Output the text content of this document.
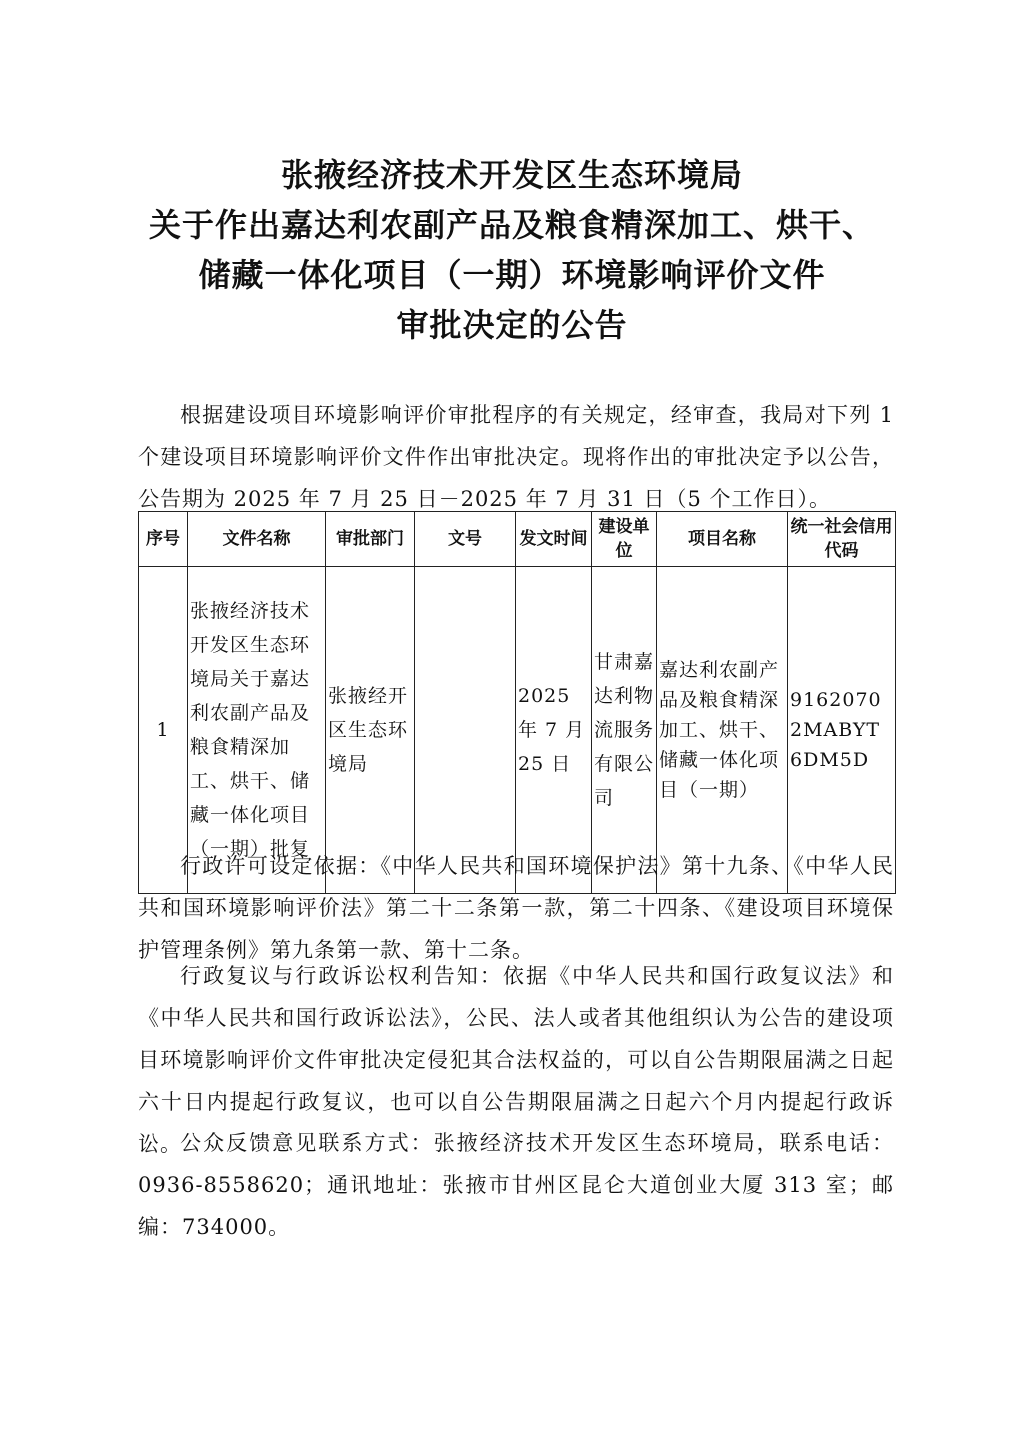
张掖经济技术开发区生态环境局
关于作出嘉达利农副产品及粮食精深加工、烘干、
储藏一体化项目（一期）环境影响评价文件
审批决定的公告

根据建设项目环境影响评价审批程序的有关规定，经审查，我局对下列 1 个建设项目环境影响评价文件作出审批决定。现将作出的审批决定予以公告，公告期为 2025 年 7 月 25 日－2025 年 7 月 31 日（5 个工作日）。

序号	文件名称	审批部门	文号	发文时间	建设单位	项目名称	统一社会信用代码
1	张掖经济技术开发区生态环境局关于嘉达利农副产品及粮食精深加工、烘干、储藏一体化项目（一期）批复	张掖经开区生态环境局		2025 年 7 月 25 日	甘肃嘉达利物流服务有限公司	嘉达利农副产品及粮食精深加工、烘干、储藏一体化项目（一期）	91620702MABYT6DM5D

行政许可设定依据：《中华人民共和国环境保护法》第十九条、《中华人民共和国环境影响评价法》第二十二条第一款，第二十四条、《建设项目环境保护管理条例》第九条第一款、第十二条。

行政复议与行政诉讼权利告知：依据《中华人民共和国行政复议法》和《中华人民共和国行政诉讼法》，公民、法人或者其他组织认为公告的建设项目环境影响评价文件审批决定侵犯其合法权益的，可以自公告期限届满之日起六十日内提起行政复议，也可以自公告期限届满之日起六个月内提起行政诉讼。

公众反馈意见联系方式：张掖经济技术开发区生态环境局，联系电话：0936-8558620；通讯地址：张掖市甘州区昆仑大道创业大厦 313 室；邮编：734000。
